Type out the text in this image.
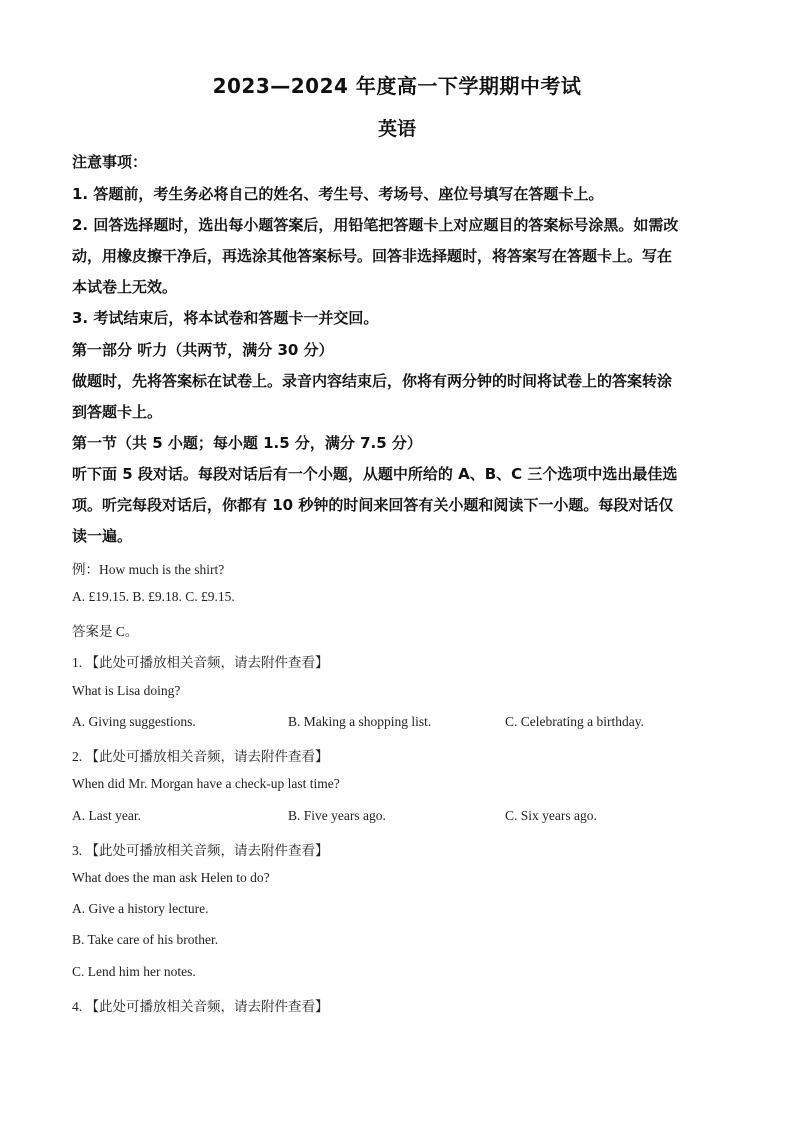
2023—2024 年度高一下学期期中考试
英语
注意事项：
1. 答题前，考生务必将自己的姓名、考生号、考场号、座位号填写在答题卡上。
2. 回答选择题时，选出每小题答案后，用铅笔把答题卡上对应题目的答案标号涂黑。如需改
动，用橡皮擦干净后，再选涂其他答案标号。回答非选择题时，将答案写在答题卡上。写在
本试卷上无效。
3. 考试结束后，将本试卷和答题卡一并交回。
第一部分 听力（共两节，满分 30 分）
做题时，先将答案标在试卷上。录音内容结束后，你将有两分钟的时间将试卷上的答案转涂
到答题卡上。
第一节（共 5 小题；每小题 1.5 分，满分 7.5 分）
听下面 5 段对话。每段对话后有一个小题，从题中所给的 A、B、C 三个选项中选出最佳选
项。听完每段对话后，你都有 10 秒钟的时间来回答有关小题和阅读下一小题。每段对话仅
读一遍。
例：How much is the shirt?
A. £19.15. B. £9.18. C. £9.15.
答案是 C。
1. 【此处可播放相关音频，请去附件查看】
What is Lisa doing?
A. Giving suggestions.	B. Making a shopping list.	C. Celebrating a birthday.
2. 【此处可播放相关音频，请去附件查看】
When did Mr. Morgan have a check-up last time?
A. Last year.	B. Five years ago.	C. Six years ago.
3. 【此处可播放相关音频，请去附件查看】
What does the man ask Helen to do?
A. Give a history lecture.
B. Take care of his brother.
C. Lend him her notes.
4. 【此处可播放相关音频，请去附件查看】
